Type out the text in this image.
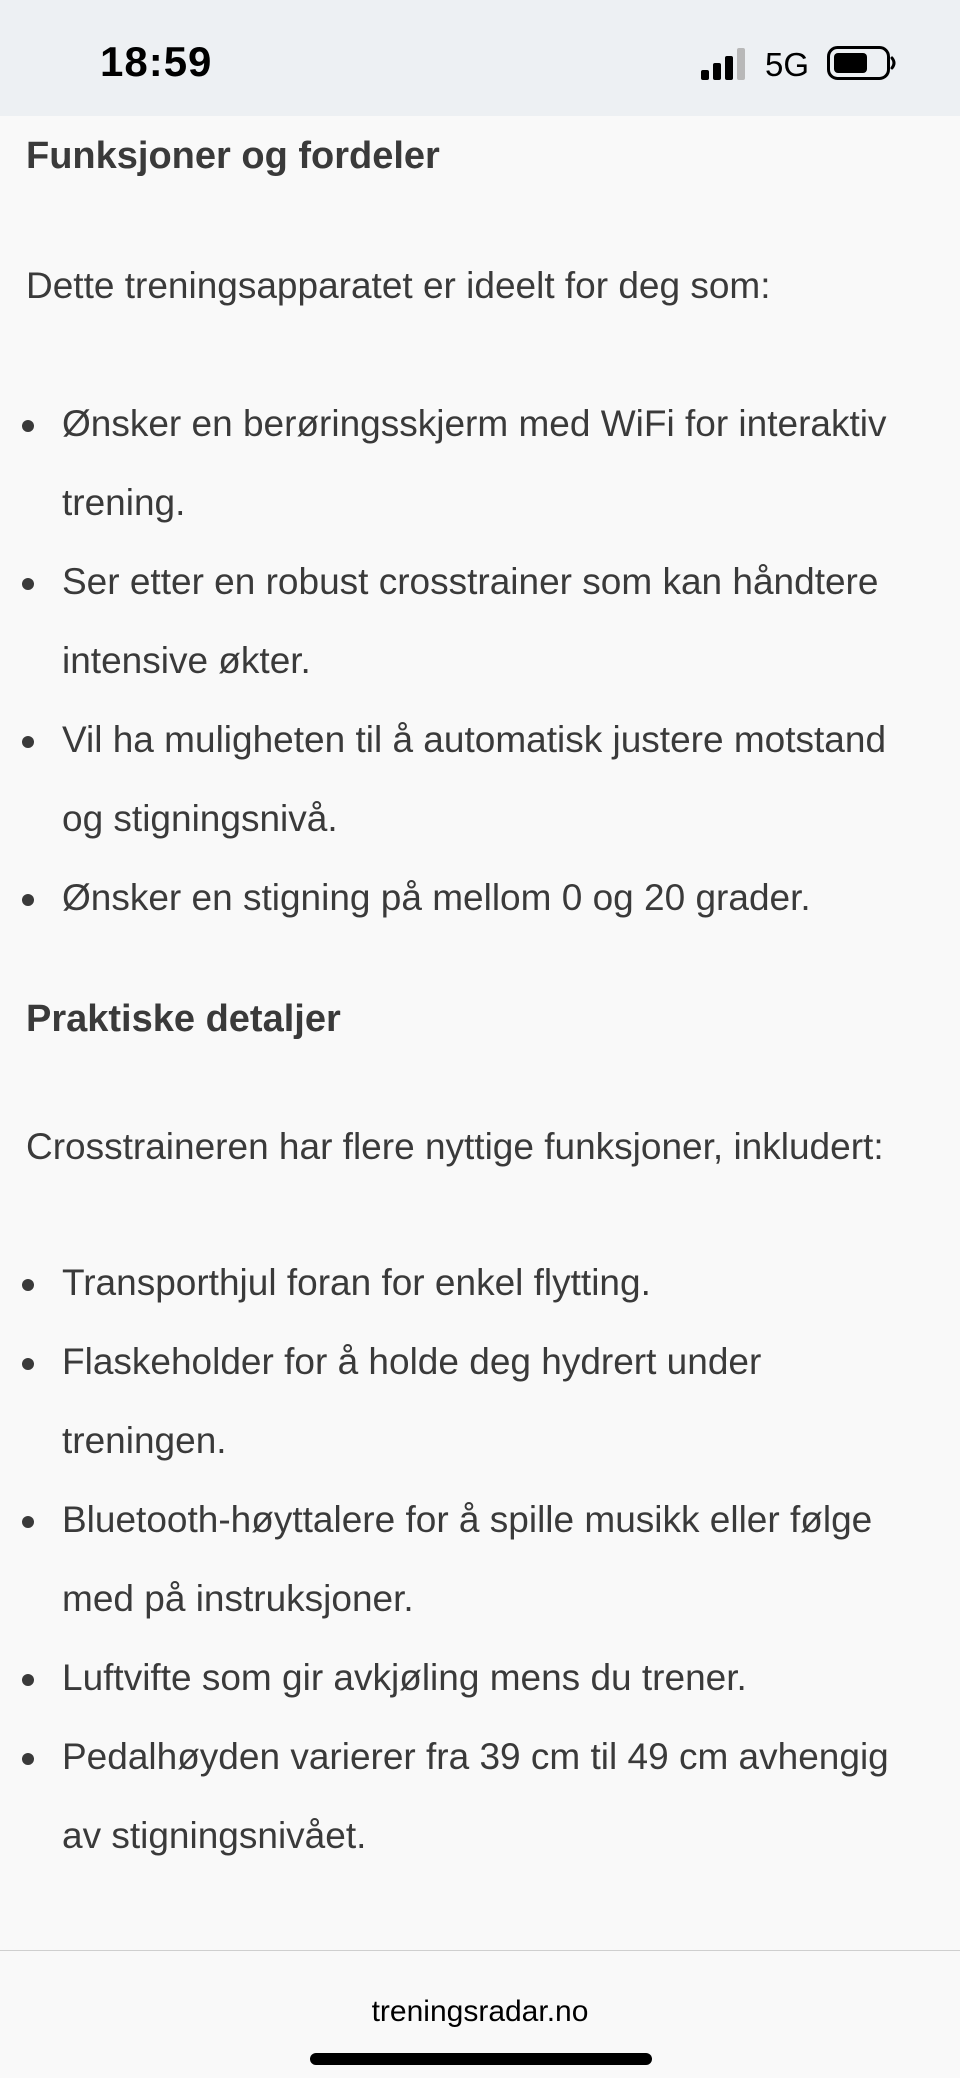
18:59	5G
Funksjoner og fordeler

Dette treningsapparatet er ideelt for deg som:

Ønsker en berøringsskjerm med WiFi for interaktiv trening.
Ser etter en robust crosstrainer som kan håndtere intensive økter.
Vil ha muligheten til å automatisk justere motstand og stigningsnivå.
Ønsker en stigning på mellom 0 og 20 grader.
Praktiske detaljer

Crosstraineren har flere nyttige funksjoner, inkludert:

Transporthjul foran for enkel flytting.
Flaskeholder for å holde deg hydrert under treningen.
Bluetooth-høyttalere for å spille musikk eller følge med på instruksjoner.
Luftvifte som gir avkjøling mens du trener.
Pedalhøyden varierer fra 39 cm til 49 cm avhengig av stigningsnivået.
treningsradar.no
